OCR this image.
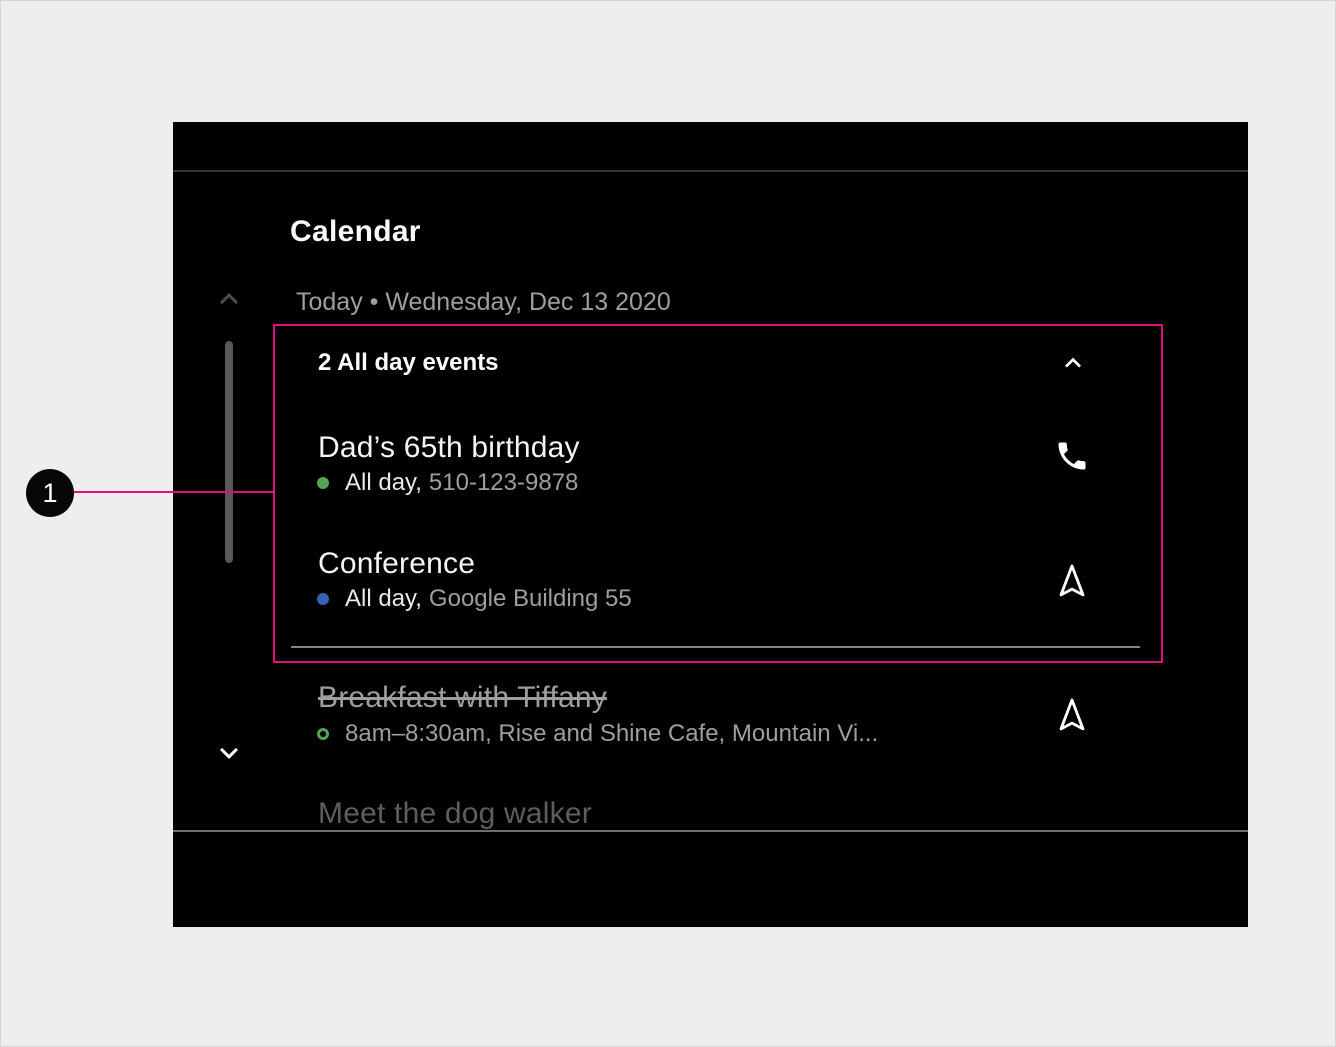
Calendar
Today • Wednesday, Dec 13 2020
2 All day events
Dad’s 65th birthday
All day, 510-123-9878
Conference
All day, Google Building 55
Breakfast with Tiffany
8am–8:30am, Rise and Shine Cafe, Mountain Vi...
Meet the dog walker
1
